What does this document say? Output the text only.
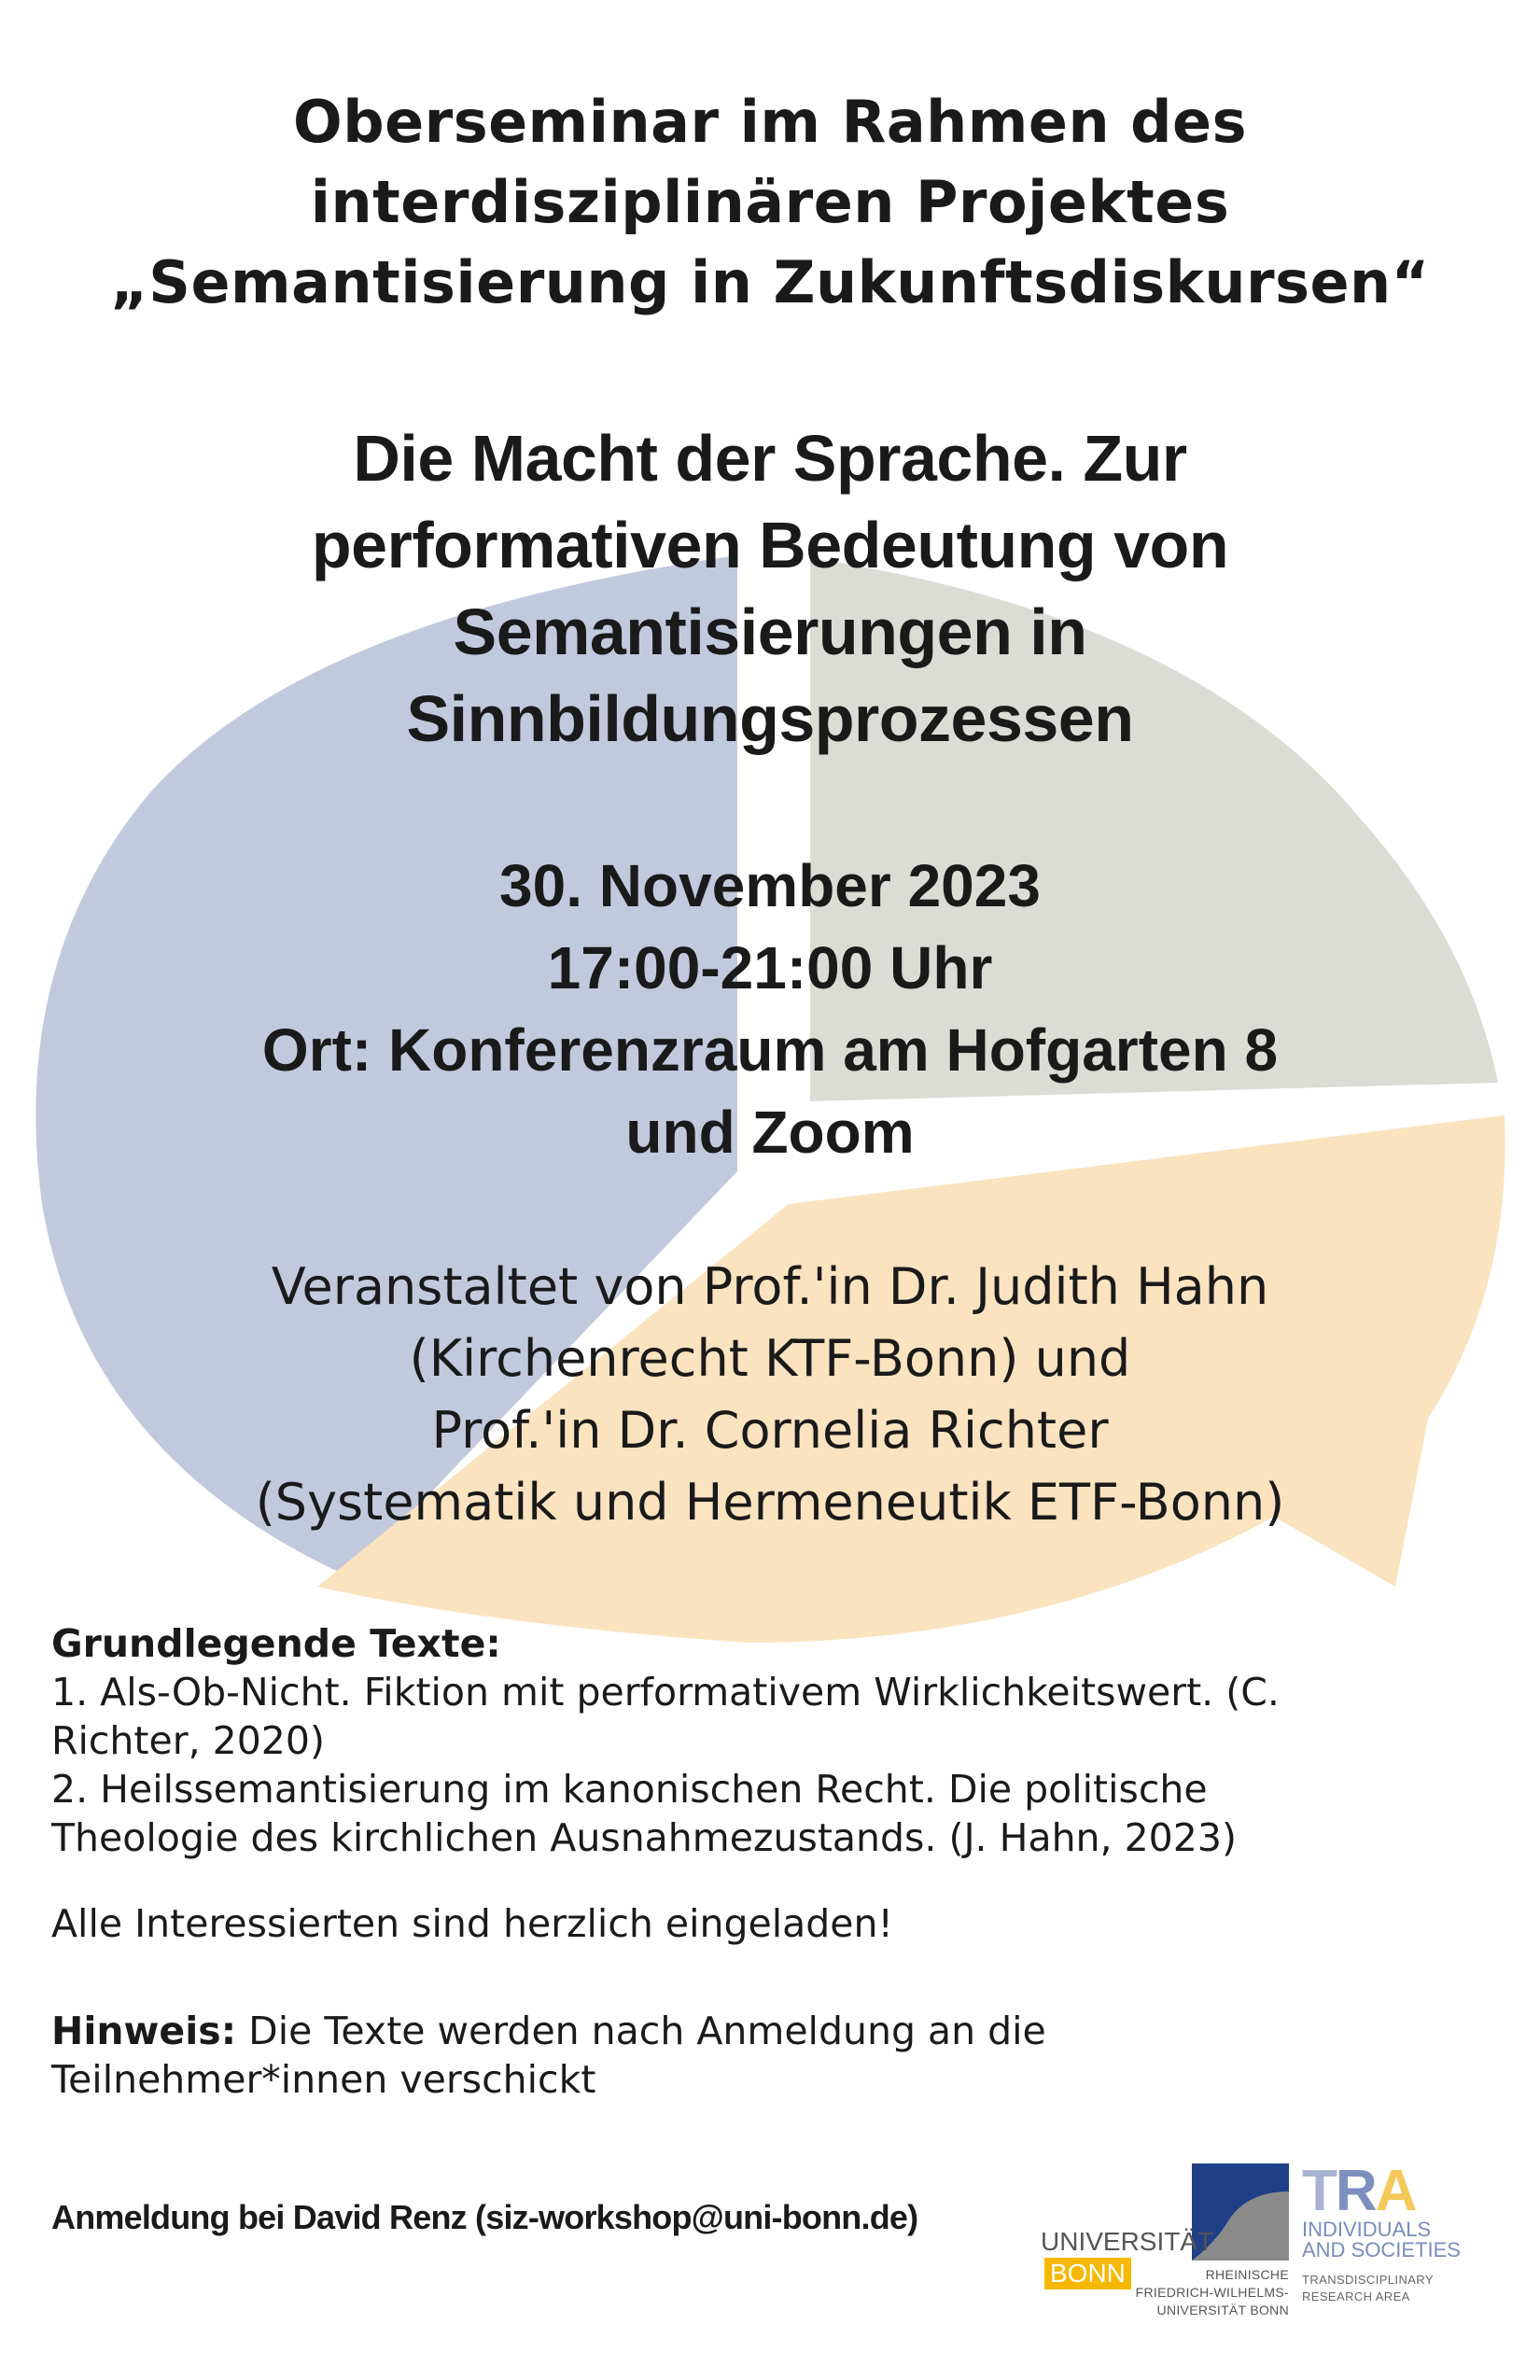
Oberseminar im Rahmen des
interdisziplinären Projektes
„Semantisierung in Zukunftsdiskursen“
Die Macht der Sprache. Zur
performativen Bedeutung von
Semantisierungen in
Sinnbildungsprozessen
30. November 2023
17:00-21:00 Uhr
Ort: Konferenzraum am Hofgarten 8
und Zoom
Veranstaltet von Prof.'in Dr. Judith Hahn
(Kirchenrecht KTF-Bonn) und
Prof.'in Dr. Cornelia Richter
(Systematik und Hermeneutik ETF-Bonn)
Grundlegende Texte:
1. Als-Ob-Nicht. Fiktion mit performativem Wirklichkeitswert. (C.
Richter, 2020)
2. Heilssemantisierung im kanonischen Recht. Die politische
Theologie des kirchlichen Ausnahmezustands. (J. Hahn, 2023)
Alle Interessierten sind herzlich eingeladen!
Hinweis: Die Texte werden nach Anmeldung an die
Teilnehmer*innen verschickt
Anmeldung bei David Renz (siz-workshop@uni-bonn.de)
UNIVERSITÄTBONN	RHEINISCHE
FRIEDRICH-WILHELMS-
UNIVERSITÄT BONN
TRA
INDIVIDUALS
AND SOCIETIES
TRANSDISCIPLINARY
RESEARCH AREA
